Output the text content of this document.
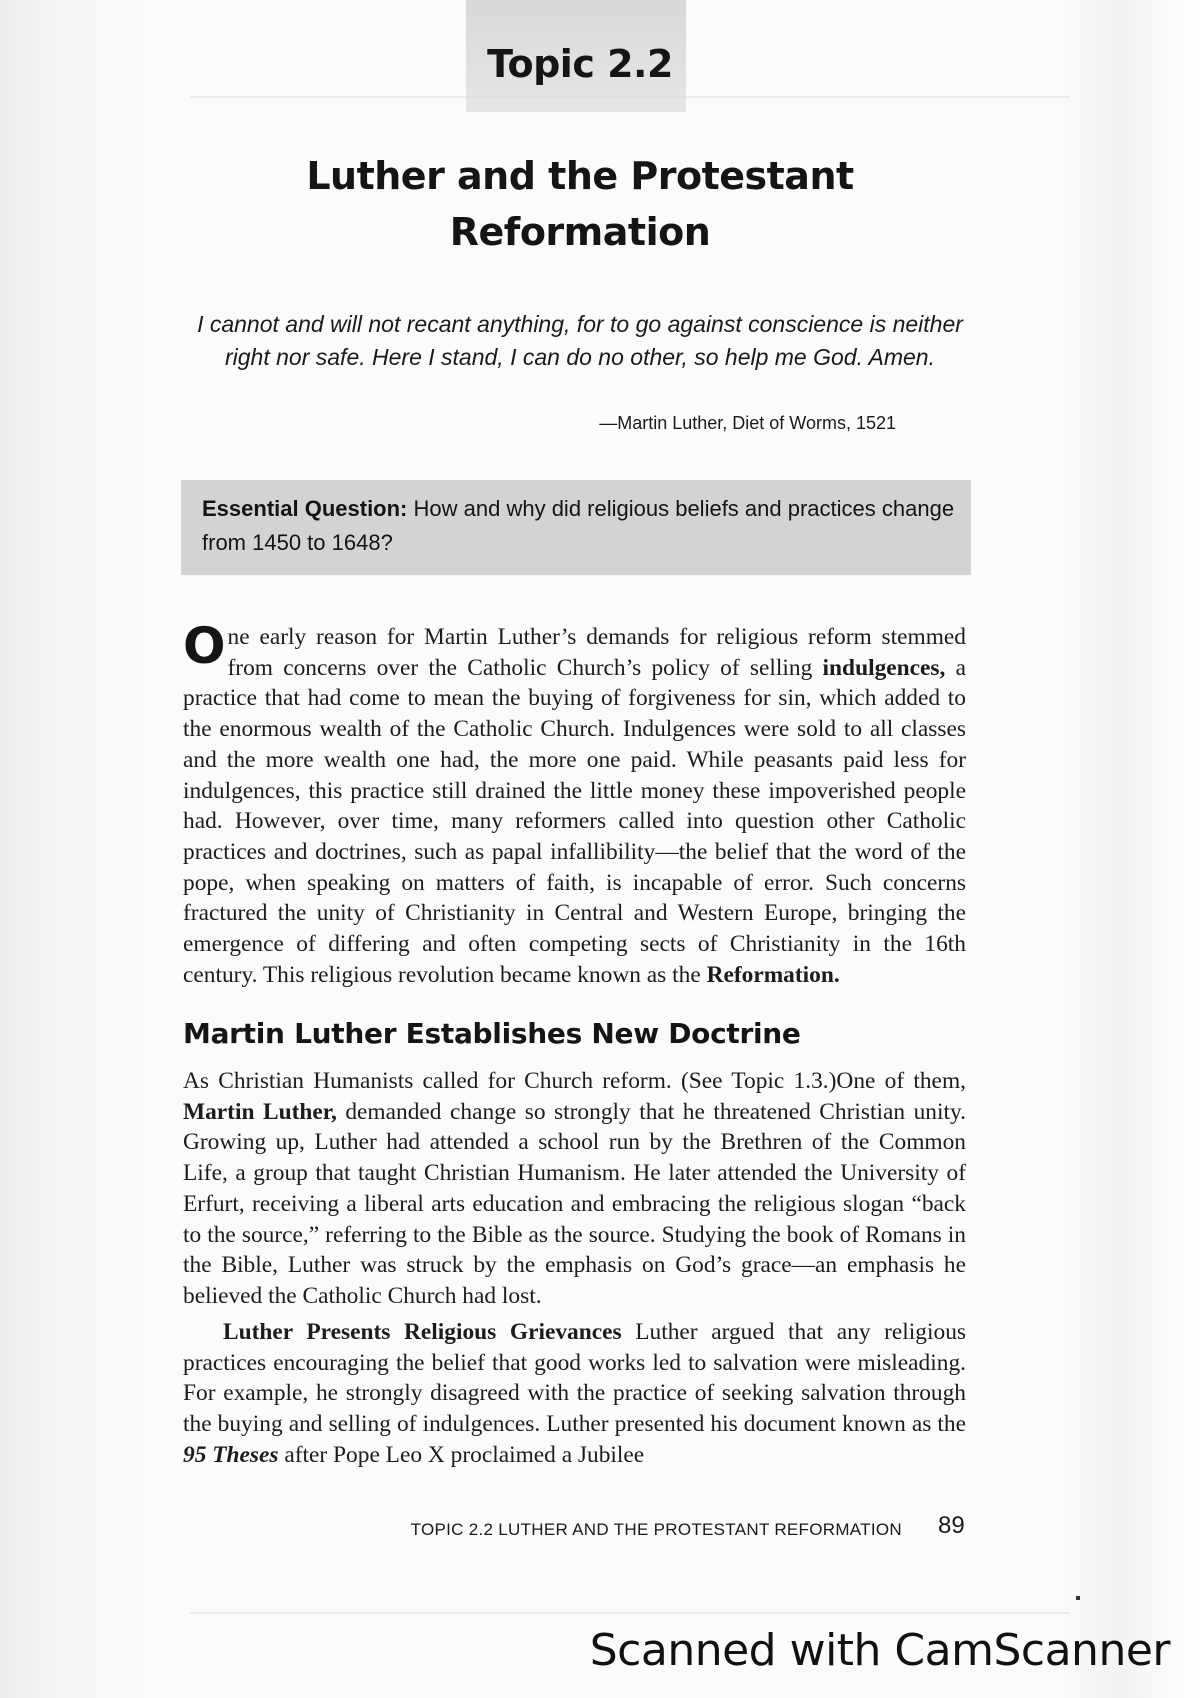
Topic 2.2
Luther and the Protestant Reformation
I cannot and will not recant anything, for to go against conscience is neither right nor safe. Here I stand, I can do no other, so help me God. Amen.
—Martin Luther, Diet of Worms, 1521
Essential Question: How and why did religious beliefs and practices change from 1450 to 1648?
One early reason for Martin Luther’s demands for religious reform stemmed from concerns over the Catholic Church’s policy of selling indulgences, a practice that had come to mean the buying of forgiveness for sin, which added to the enormous wealth of the Catholic Church. Indulgences were sold to all classes and the more wealth one had, the more one paid. While peasants paid less for indulgences, this practice still drained the little money these impoverished people had. However, over time, many reformers called into question other Catholic practices and doctrines, such as papal infallibility—the belief that the word of the pope, when speaking on matters of faith, is incapable of error. Such concerns fractured the unity of Christianity in Central and Western Europe, bringing the emergence of differing and often competing sects of Christianity in the 16th century. This religious revolution became known as the Reformation.
Martin Luther Establishes New Doctrine
As Christian Humanists called for Church reform. (See Topic 1.3.)One of them, Martin Luther, demanded change so strongly that he threatened Christian unity. Growing up, Luther had attended a school run by the Brethren of the Common Life, a group that taught Christian Humanism. He later attended the University of Erfurt, receiving a liberal arts education and embracing the religious slogan “back to the source,” referring to the Bible as the source. Studying the book of Romans in the Bible, Luther was struck by the emphasis on God’s grace—an emphasis he believed the Catholic Church had lost.
Luther Presents Religious Grievances Luther argued that any religious practices encouraging the belief that good works led to salvation were misleading. For example, he strongly disagreed with the practice of seeking salvation through the buying and selling of indulgences. Luther presented his document known as the 95 Theses after Pope Leo X proclaimed a Jubilee
TOPIC 2.2 LUTHER AND THE PROTESTANT REFORMATION 89
Scanned with CamScanner
